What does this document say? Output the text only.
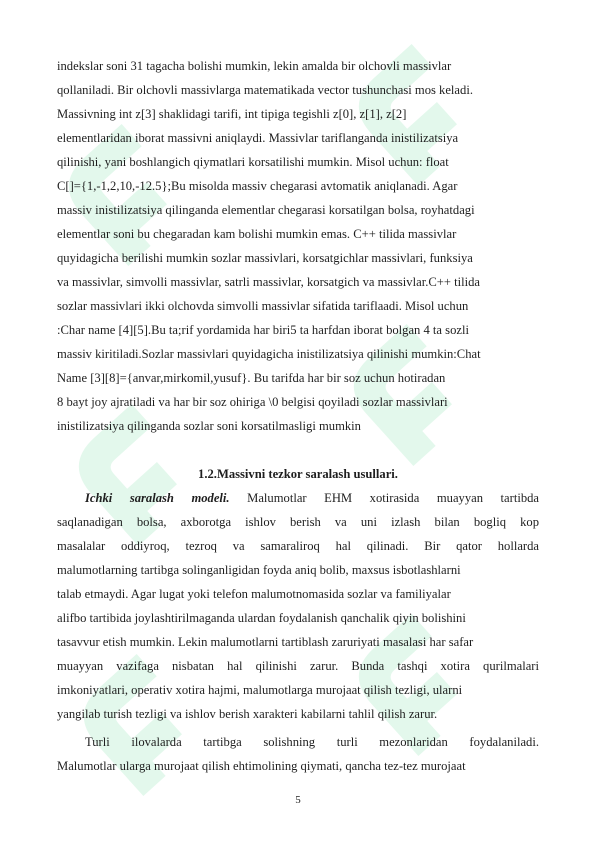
indekslar soni 31 tagacha bolishi mumkin, lekin amalda bir olchovli massivlar
qollaniladi. Bir olchovli massivlarga matematikada vector tushunchasi mos keladi.
Massivning int z[3] shaklidagi tarifi, int tipiga tegishli z[0], z[1], z[2]
elementlaridan iborat massivni aniqlaydi. Massivlar tariflanganda inistilizatsiya
qilinishi, yani boshlangich qiymatlari korsatilishi mumkin. Misol uchun: float
C[]={1,-1,2,10,-12.5};Bu misolda massiv chegarasi avtomatik aniqlanadi. Agar
massiv inistilizatsiya qilinganda elementlar chegarasi korsatilgan bolsa, royhatdagi
elementlar soni bu chegaradan kam bolishi mumkin emas. C++ tilida massivlar
quyidagicha berilishi mumkin sozlar massivlari, korsatgichlar massivlari, funksiya
va massivlar, simvolli massivlar, satrli massivlar, korsatgich va massivlar.C++ tilida
sozlar massivlari ikki olchovda simvolli massivlar sifatida tariflaadi. Misol uchun
:Char name [4][5].Bu ta;rif yordamida har biri5 ta harfdan iborat bolgan 4 ta sozli
massiv kiritiladi.Sozlar massivlari quyidagicha inistilizatsiya qilinishi mumkin:Chat
Name [3][8]={anvar,mirkomil,yusuf}. Bu tarifda har bir soz uchun hotiradan
8 bayt joy ajratiladi va har bir soz ohiriga \0 belgisi qoyiladi sozlar massivlari
inistilizatsiya qilinganda sozlar soni korsatilmasligi mumkin
1.2.Massivni tezkor saralash usullari.
Ichki saralash modeli. Malumotlar EHM xotirasida muayyan tartibda
saqlanadigan bolsa, axborotga ishlov berish va uni izlash bilan bogliq kop
masalalar oddiyroq, tezroq va samaraliroq hal qilinadi. Bir qator hollarda
malumotlarning tartibga solinganligidan foyda aniq bolib, maxsus isbotlashlarni
talab etmaydi. Agar lugat yoki telefon malumotnomasida sozlar va familiyalar
alifbo tartibida joylashtirilmaganda ulardan foydalanish qanchalik qiyin bolishini
tasavvur etish mumkin. Lekin malumotlarni tartiblash zaruriyati masalasi har safar
muayyan vazifaga nisbatan hal qilinishi zarur. Bunda tashqi xotira qurilmalari
imkoniyatlari, operativ xotira hajmi, malumotlarga murojaat qilish tezligi, ularni
yangilab turish tezligi va ishlov berish xarakteri kabilarni tahlil qilish zarur.
Turli ilovalarda tartibga solishning turli mezonlaridan foydalaniladi.
Malumotlar ularga murojaat qilish ehtimolining qiymati, qancha tez-tez murojaat
5
